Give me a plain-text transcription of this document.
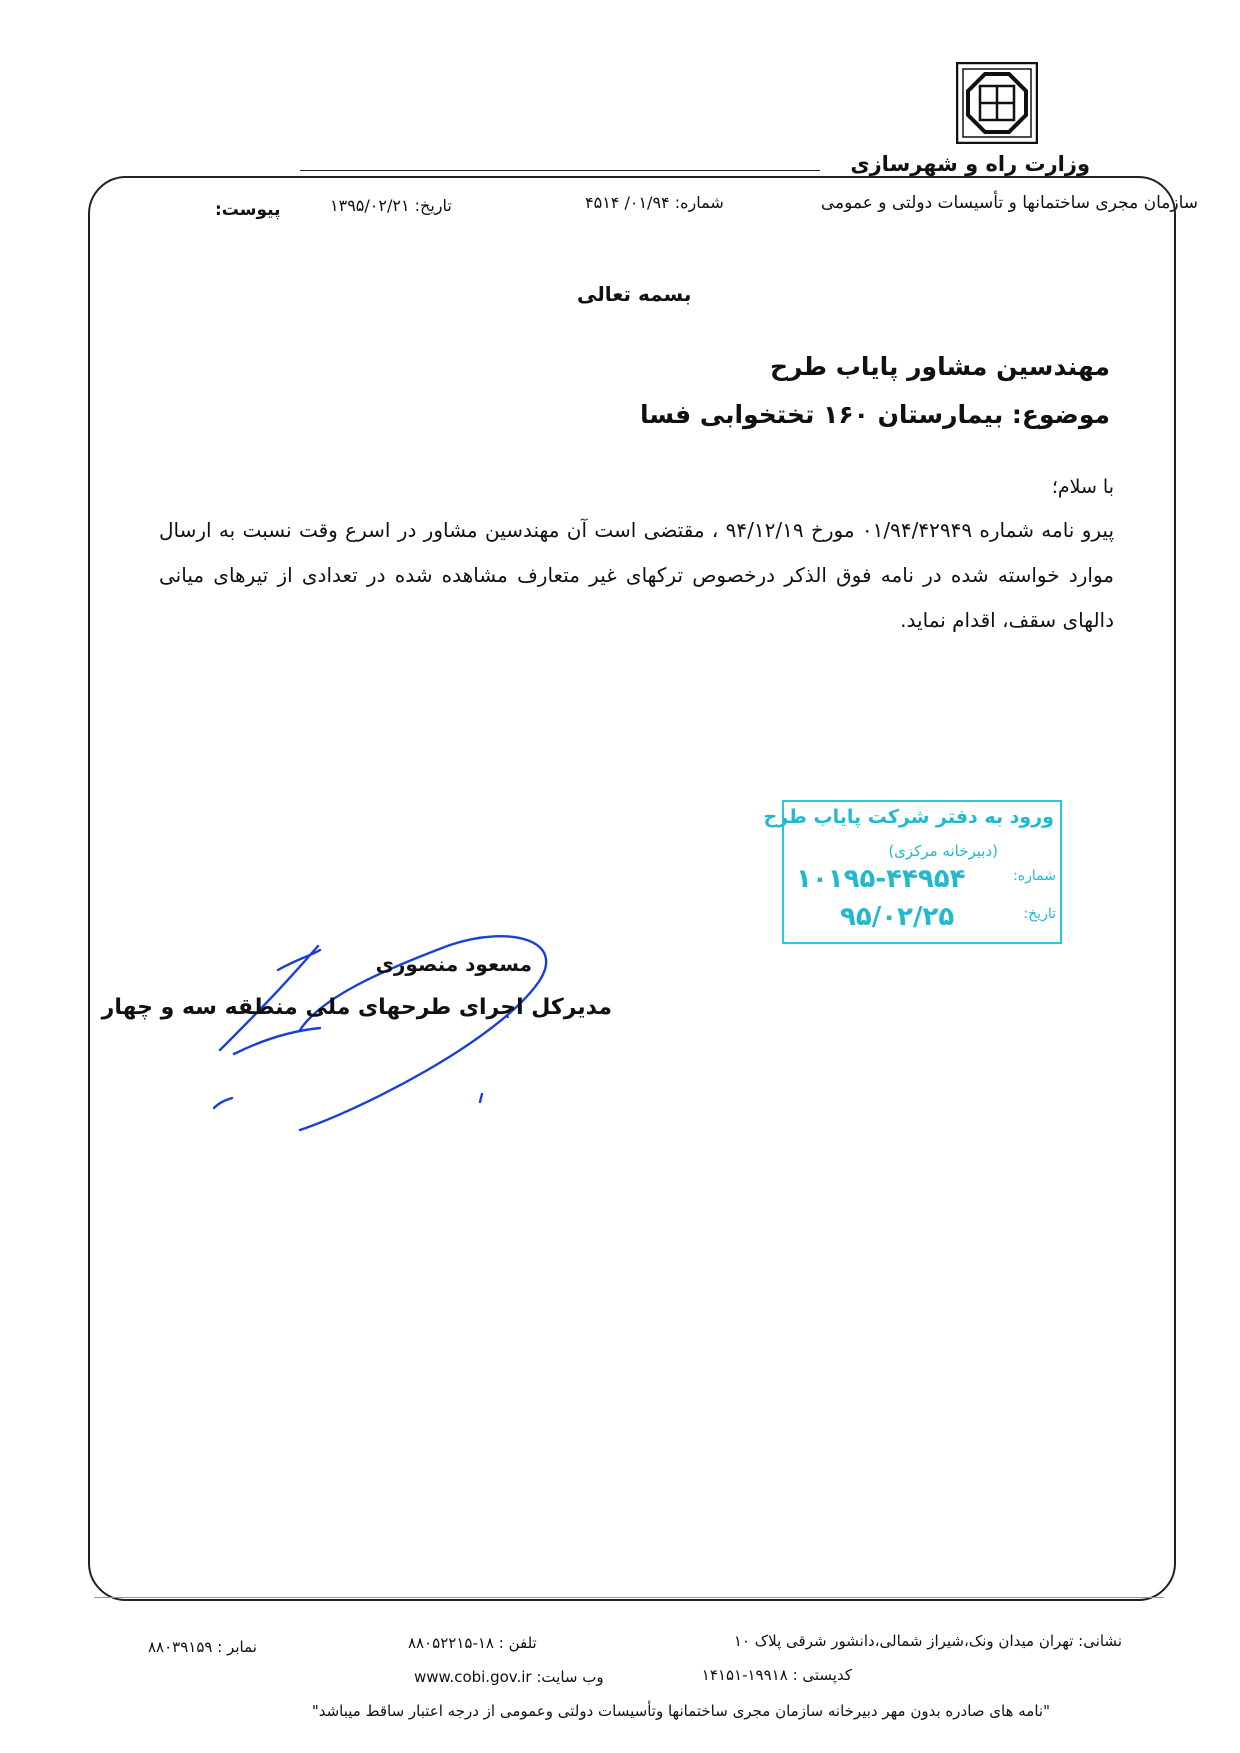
وزارت راه و شهرسازی
سازمان مجری ساختمانها و تأسیسات دولتی و عمومی
شماره: ۰۱/۹۴/ ۴۵۱۴
تاریخ: ۱۳۹۵/۰۲/۲۱
پیوست:
بسمه تعالی
مهندسین مشاور پایاب طرح
موضوع: بیمارستان ۱۶۰ تختخوابی فسا
با سلام؛
پیرو نامه شماره ۰۱/۹۴/۴۲۹۴۹ مورخ ۹۴/۱۲/۱۹ ، مقتضی است آن مهندسین مشاور در اسرع وقت نسبت به ارسال موارد خواسته شده در نامه فوق الذکر درخصوص ترکهای غیر متعارف مشاهده شده در تعدادی از تیرهای میانی دالهای سقف، اقدام نماید.
ورود به دفتر شرکت پایاب طرح
(دبیرخانه مرکزی)
شماره:
۱۰۱۹۵-۴۴۹۵۴
تاریخ:
۹۵/۰۲/۲۵
مسعود منصوری
مدیرکل اجرای طرحهای ملی منطقه سه و چهار
نشانی: تهران میدان ونک،شیراز شمالی،دانشور شرقی پلاک ۱۰
تلفن : ۱۸-۸۸۰۵۲۲۱۵
نمابر : ۸۸۰۳۹۱۵۹
کدپستی : ۱۹۹۱۸-۱۴۱۵۱
وب سایت: www.cobi.gov.ir
"نامه های صادره بدون مهر دبیرخانه سازمان مجری ساختمانها وتأسیسات دولتی وعمومی از درجه اعتبار ساقط میباشد"
